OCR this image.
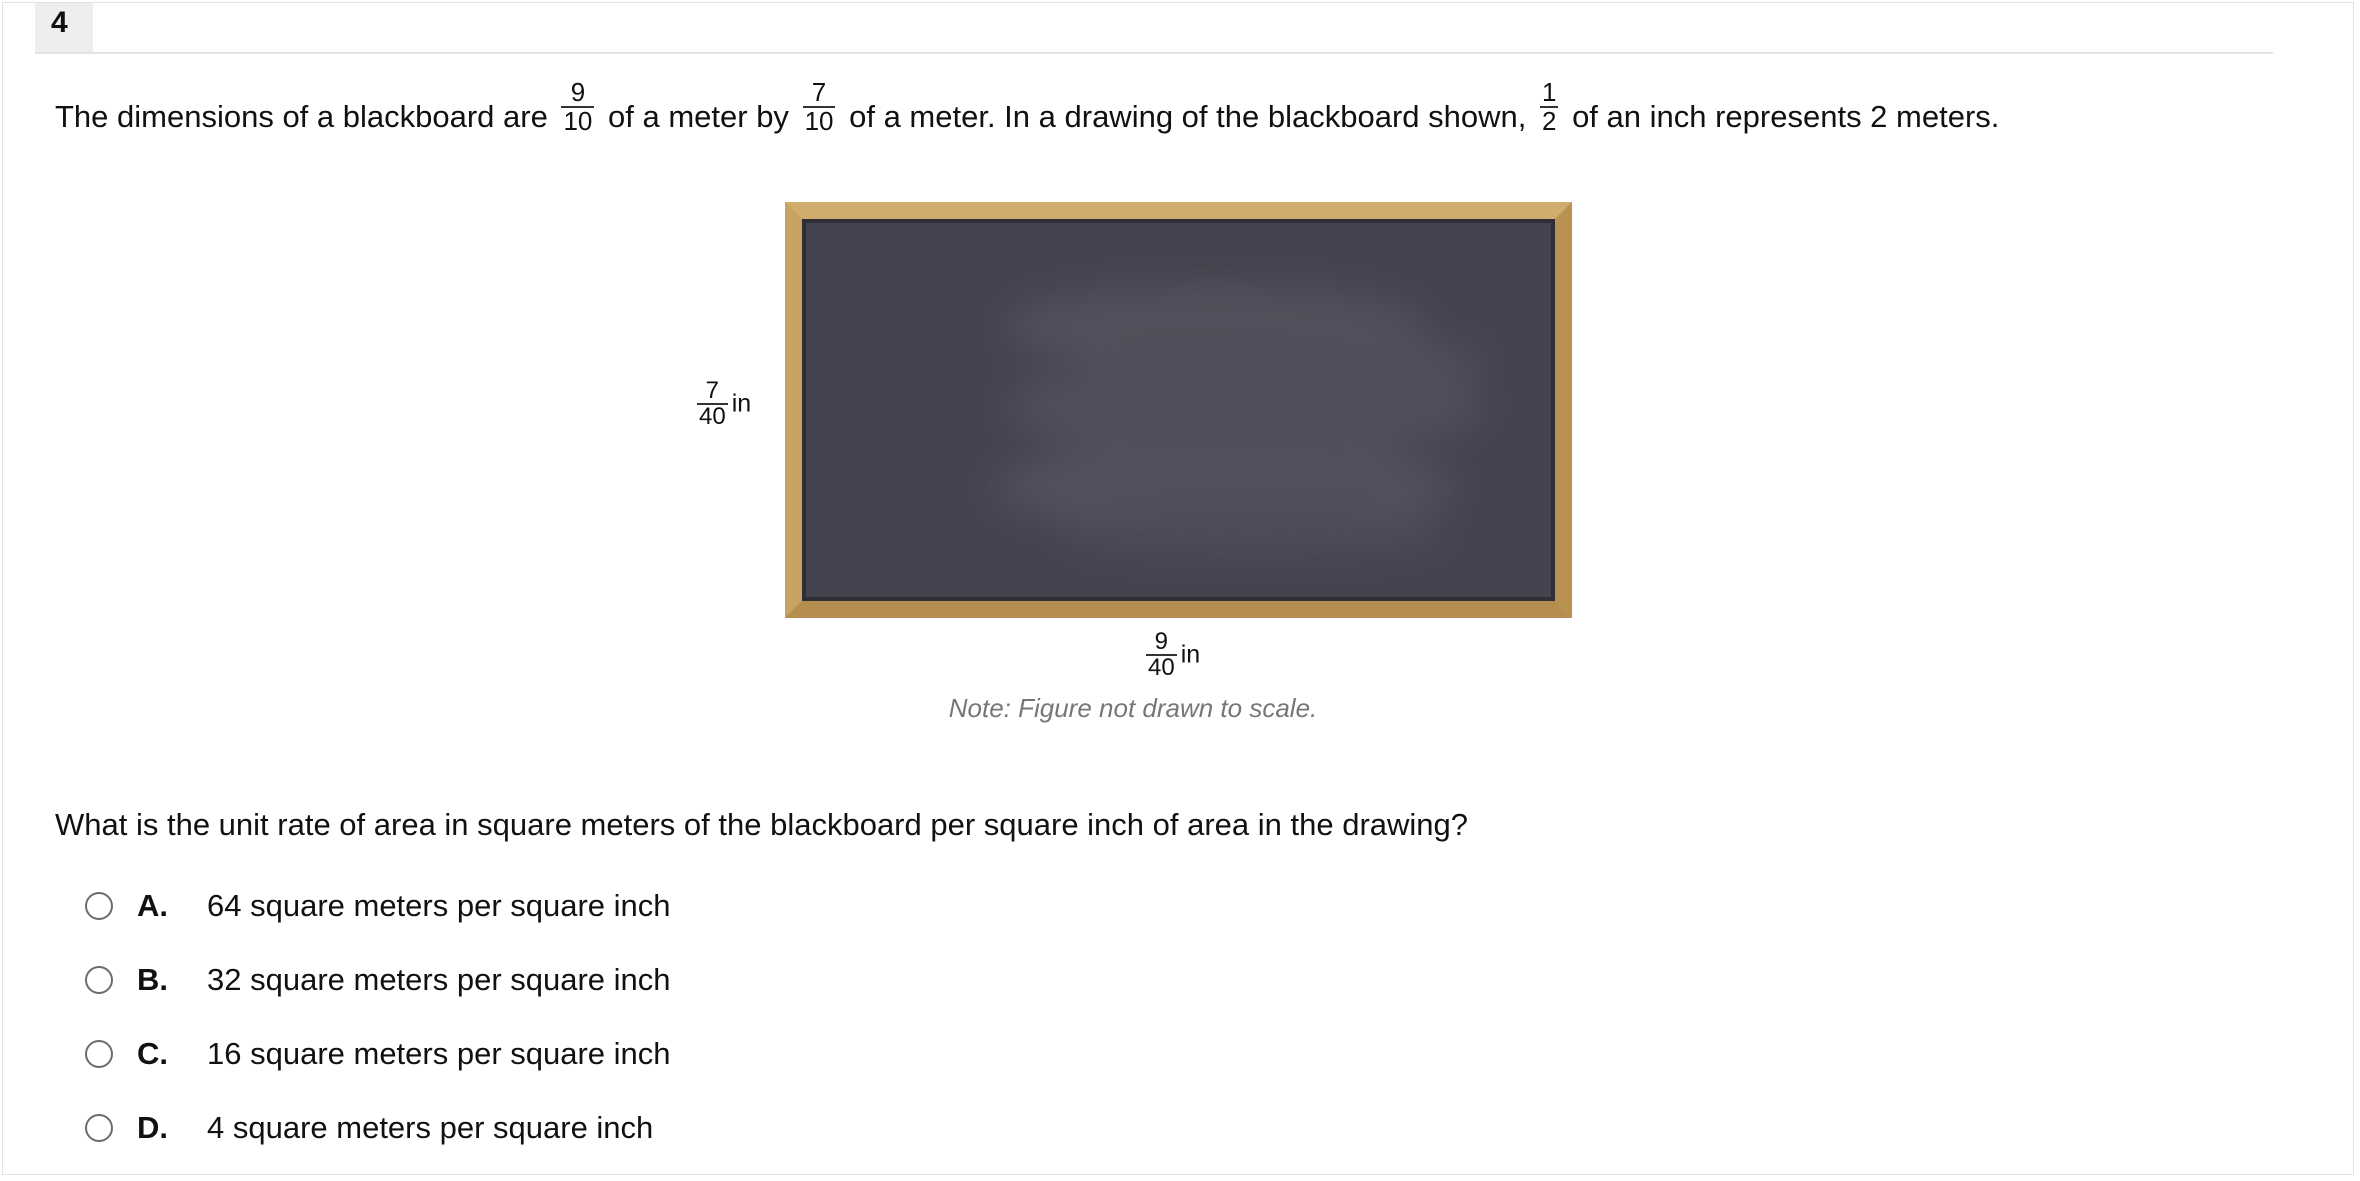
4
The dimensions of a blackboard are $\frac{9}{10}$ of a meter by $\frac{7}{10}$ of a meter. In a drawing of the blackboard shown, $\frac{1}{2}$ of an inch represents 2 meters.
$\frac{7}{40}$ in
$\frac{9}{40}$ in
Note: Figure not drawn to scale.
What is the unit rate of area in square meters of the blackboard per square inch of area in the drawing?
A.	64 square meters per square inch
B.	32 square meters per square inch
C.	16 square meters per square inch
D.	4 square meters per square inch
